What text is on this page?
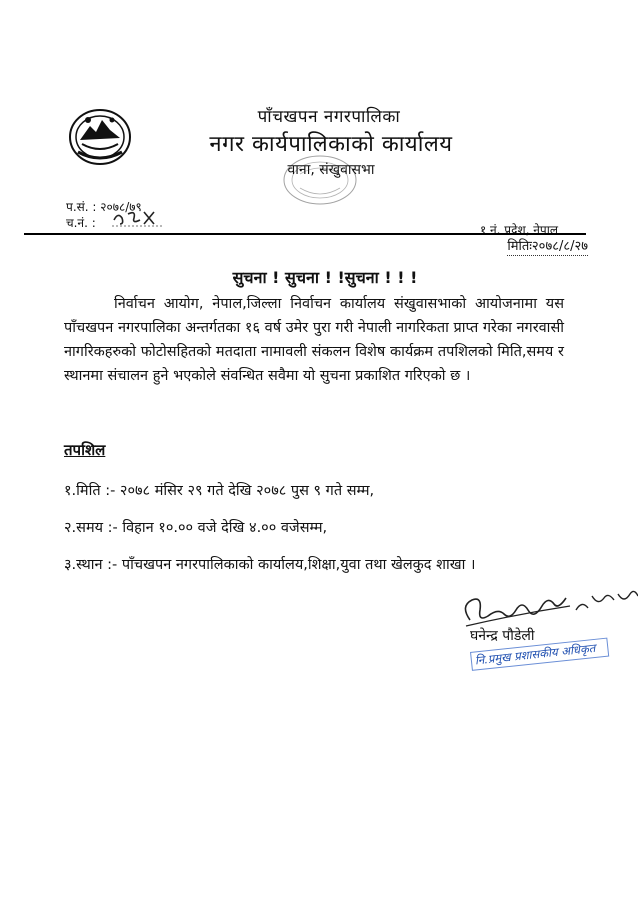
पाँचखपन नगरपालिका
नगर कार्यपालिकाको कार्यालय
वाना, संखुवासभा
प.सं. : २०७८/७९
च.नं. :	१ नं. प्रदेश, नेपाल
मितिः२०७८/८/२७
सुचना ! सुचना ! !सुचना ! ! !

निर्वाचन आयोग, नेपाल,जिल्ला निर्वाचन कार्यालय संखुवासभाको आयोजनामा यस पाँचखपन नगरपालिका अन्तर्गतका १६ वर्ष उमेर पुरा गरी नेपाली नागरिकता प्राप्त गरेका नगरवासी नागरिकहरुको फोटोसहितको मतदाता नामावली संकलन विशेष कार्यक्रम तपशिलको मिति,समय र स्थानमा संचालन हुने भएकोले संवन्धित सवैमा यो सुचना प्रकाशित गरिएको छ ।

तपशिल
१.मिति :- २०७८ मंसिर २९ गते देखि २०७८ पुस ९ गते सम्म,
२.समय :- विहान १०.०० वजे देखि ४.०० वजेसम्म,
३.स्थान :- पाँचखपन नगरपालिकाको कार्यालय,शिक्षा,युवा तथा खेलकुद शाखा ।
घनेन्द्र पौडेली
नि.प्रमुख प्रशासकीय अधिकृत
